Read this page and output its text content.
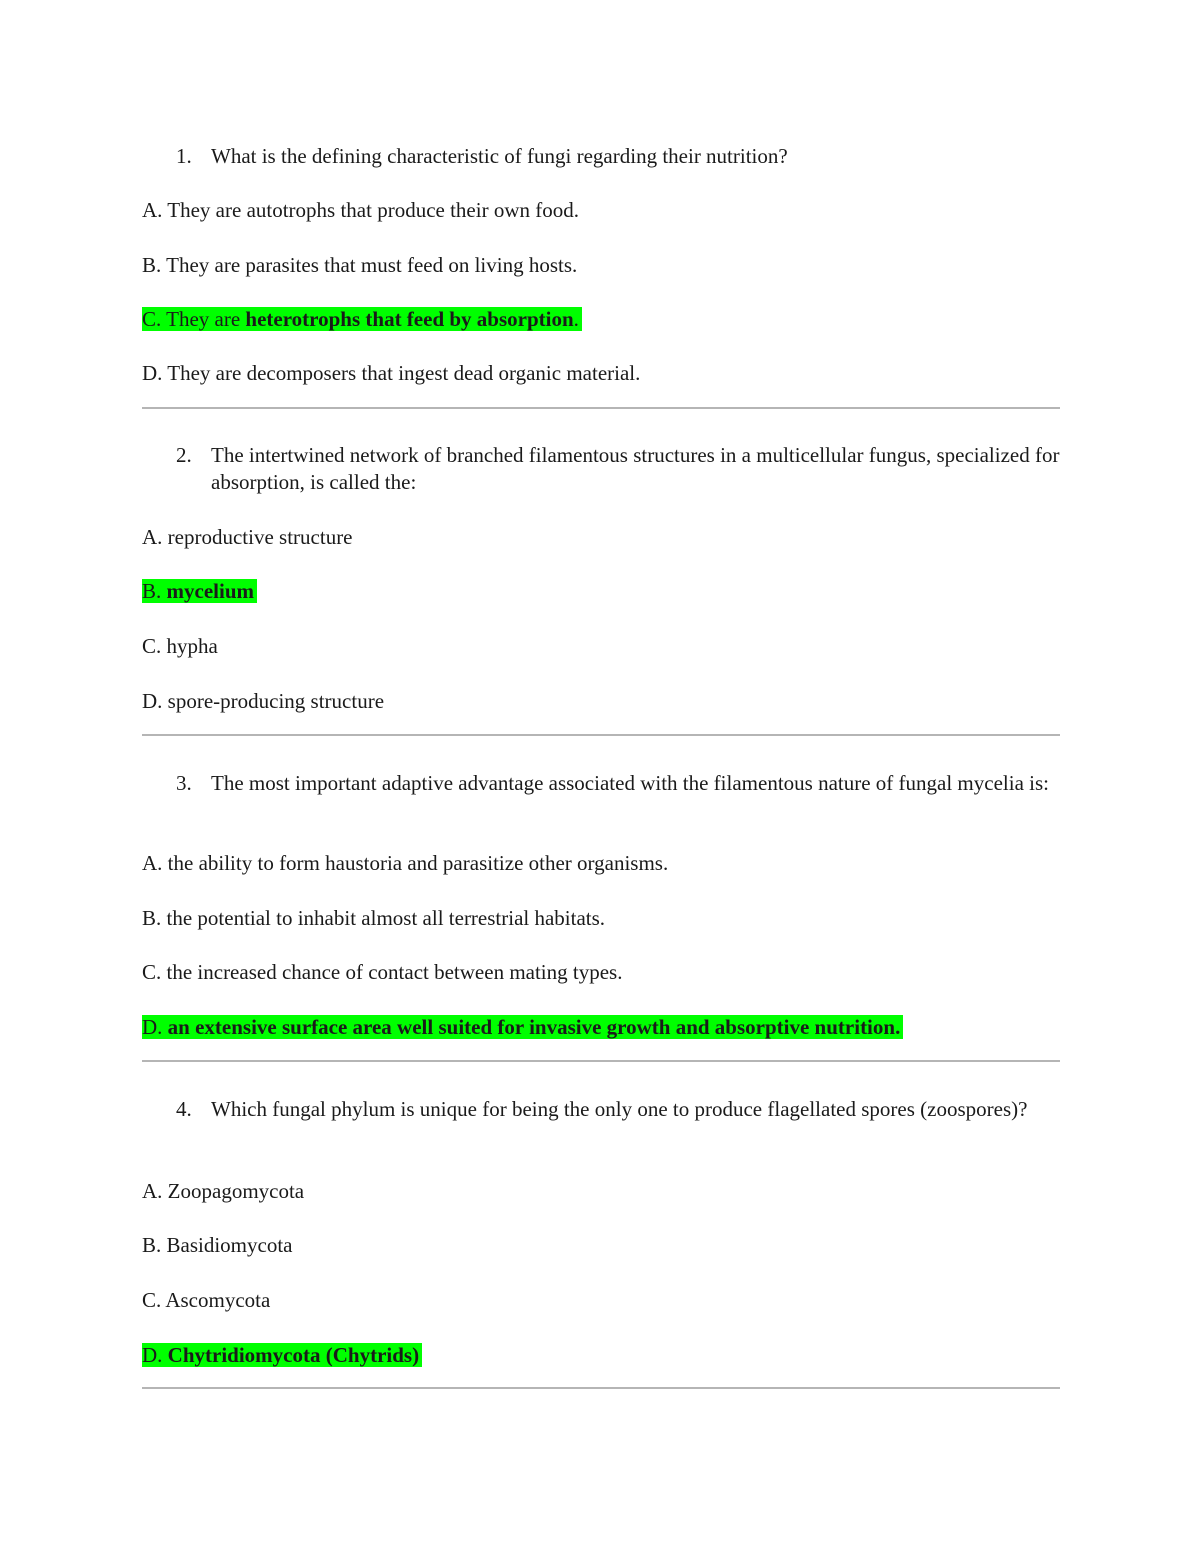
1. What is the defining characteristic of fungi regarding their nutrition?

A. They are autotrophs that produce their own food.

B. They are parasites that must feed on living hosts.

C. They are heterotrophs that feed by absorption.

D. They are decomposers that ingest dead organic material.

2. The intertwined network of branched filamentous structures in a multicellular fungus, specialized for absorption, is called the:

A. reproductive structure

B. mycelium

C. hypha

D. spore-producing structure

3. The most important adaptive advantage associated with the filamentous nature of fungal mycelia is:

A. the ability to form haustoria and parasitize other organisms.

B. the potential to inhabit almost all terrestrial habitats.

C. the increased chance of contact between mating types.

D. an extensive surface area well suited for invasive growth and absorptive nutrition.

4. Which fungal phylum is unique for being the only one to produce flagellated spores (zoospores)?

A. Zoopagomycota

B. Basidiomycota

C. Ascomycota

D. Chytridiomycota (Chytrids)
